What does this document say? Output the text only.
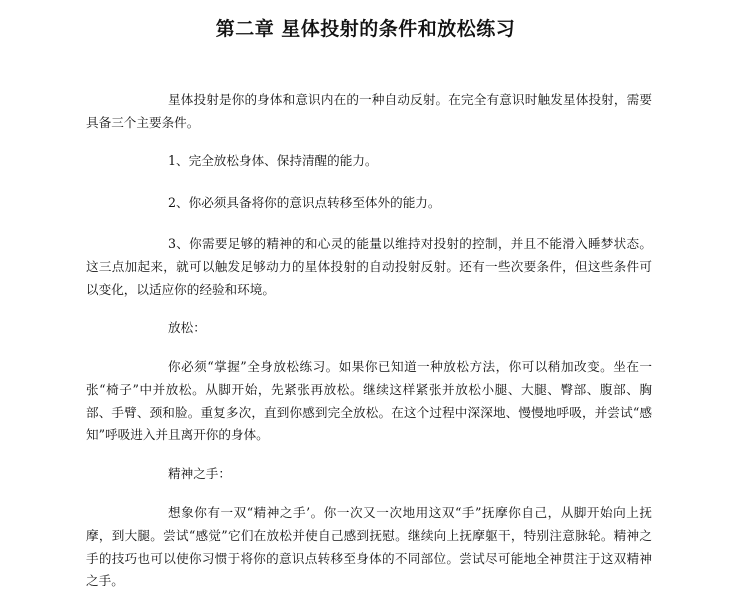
第二章 星体投射的条件和放松练习

星体投射是你的身体和意识内在的一种自动反射。在完全有意识时触发星体投射，需要具备三个主要条件。

1、完全放松身体、保持清醒的能力。

2、你必须具备将你的意识点转移至体外的能力。

3、你需要足够的精神的和心灵的能量以维持对投射的控制，并且不能滑入睡梦状态。这三点加起来，就可以触发足够动力的星体投射的自动投射反射。还有一些次要条件，但这些条件可以变化，以适应你的经验和环境。

放松：

你必须“掌握”全身放松练习。如果你已知道一种放松方法，你可以稍加改变。坐在一张“椅子”中并放松。从脚开始，先紧张再放松。继续这样紧张并放松小腿、大腿、臀部、腹部、胸部、手臂、颈和脸。重复多次，直到你感到完全放松。在这个过程中深深地、慢慢地呼吸，并尝试“感知”呼吸进入并且离开你的身体。

精神之手：

想象你有一双“精神之手’。你一次又一次地用这双“手”抚摩你自己，从脚开始向上抚摩，到大腿。尝试“感觉”它们在放松并使自己感到抚慰。继续向上抚摩躯干，特别注意脉轮。精神之手的技巧也可以使你习惯于将你的意识点转移至身体的不同部位。尝试尽可能地全神贯注于这双精神之手。
